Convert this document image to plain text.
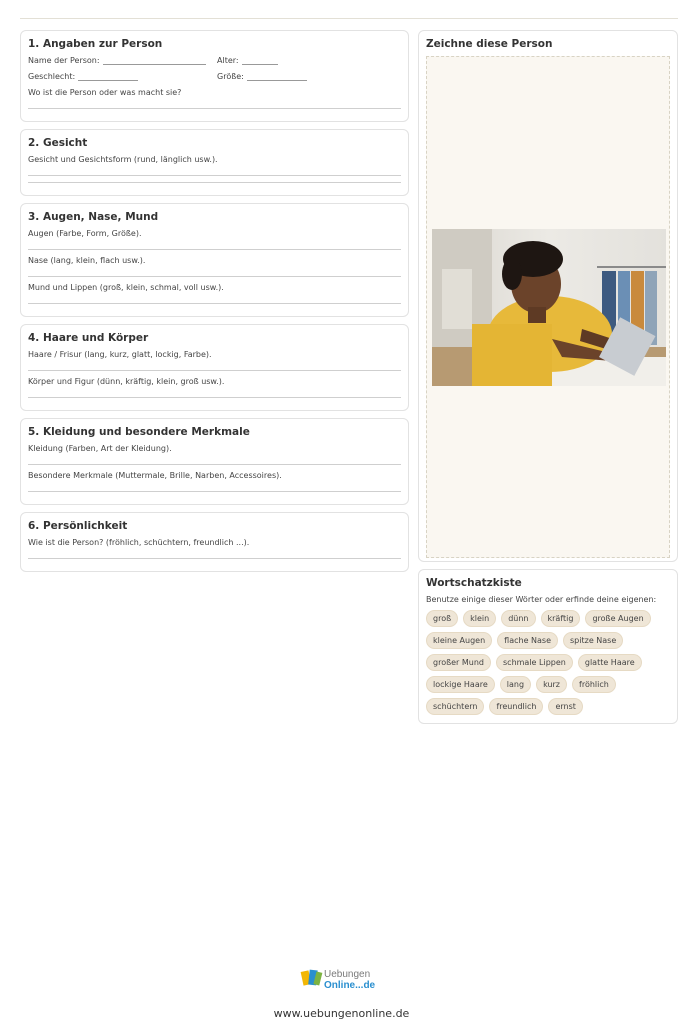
1. Angaben zur Person
Name der Person:	Alter:
Geschlecht:	Größe:
Wo ist die Person oder was macht sie?
2. Gesicht
Gesicht und Gesichtsform (rund, länglich usw.).
3. Augen, Nase, Mund
Augen (Farbe, Form, Größe).
Nase (lang, klein, flach usw.).
Mund und Lippen (groß, klein, schmal, voll usw.).
4. Haare und Körper
Haare / Frisur (lang, kurz, glatt, lockig, Farbe).
Körper und Figur (dünn, kräftig, klein, groß usw.).
5. Kleidung und besondere Merkmale
Kleidung (Farben, Art der Kleidung).
Besondere Merkmale (Muttermale, Brille, Narben, Accessoires).
6. Persönlichkeit
Wie ist die Person? (fröhlich, schüchtern, freundlich ...).
Zeichne diese Person
Wortschatzkiste
Benutze einige dieser Wörter oder erfinde deine eigenen:
groß	klein	dünn	kräftig	große Augen
kleine Augen	flache Nase	spitze Nase
großer Mund	schmale Lippen	glatte Haare
lockige Haare	lang	kurz	fröhlich
schüchtern	freundlich	ernst
Uebungen
Online...de
www.uebungenonline.de
